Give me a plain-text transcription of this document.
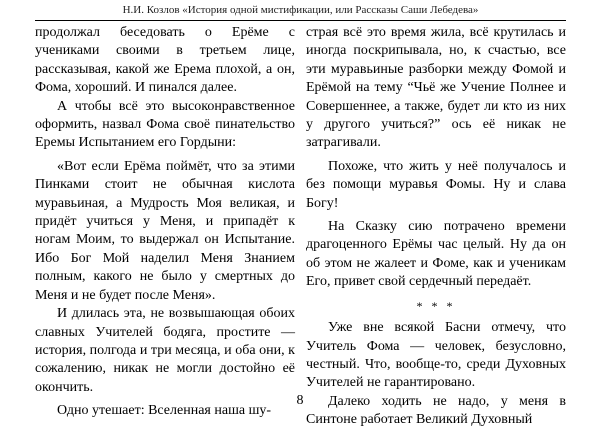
Н.И. Козлов «История одной мистификации, или Рассказы Саши Лебедева»

продолжал беседовать о Ерёме с учениками своими в третьем лице, рассказывая, какой же Ерема плохой, а он, Фома, хороший. И пинался далее.

А чтобы всё это высоконравственное оформить, назвал Фома своё пинательство Еремы Испытанием его Гордыни:

«Вот если Ерёма поймёт, что за этими Пинками стоит не обычная кислота муравьиная, а Мудрость Моя великая, и придёт учиться у Меня, и припадёт к ногам Моим, то выдержал он Испытание. Ибо Бог Мой наделил Меня Знанием полным, какого не было у смертных до Меня и не будет после Меня».

И длилась эта, не возвышающая обоих славных Учителей бодяга, простите — история, полгода и три месяца, и оба они, к сожалению, никак не могли достойно её окончить.

Одно утешает: Вселенная наша шу-

страя всё это время жила, всё крутилась и иногда поскрипывала, но, к счастью, все эти муравьиные разборки между Фомой и Ерёмой на тему “Чьё же Учение Полнее и Совершеннее, а также, будет ли кто из них у другого учиться?” ось её никак не затрагивали.

Похоже, что жить у неё получалось и без помощи муравья Фомы. Ну и слава Богу!

На Сказку сию потрачено времени драгоценного Ерёмы час целый. Ну да он об этом не жалеет и Фоме, как и ученикам Его, привет свой сердечный передаёт.

* * *

Уже вне всякой Басни отмечу, что Учитель Фома — человек, безусловно, честный. Что, вообще-то, среди Духовных Учителей не гарантировано.

Далеко ходить не надо, у меня в Синтоне работает Великий Духовный

8
